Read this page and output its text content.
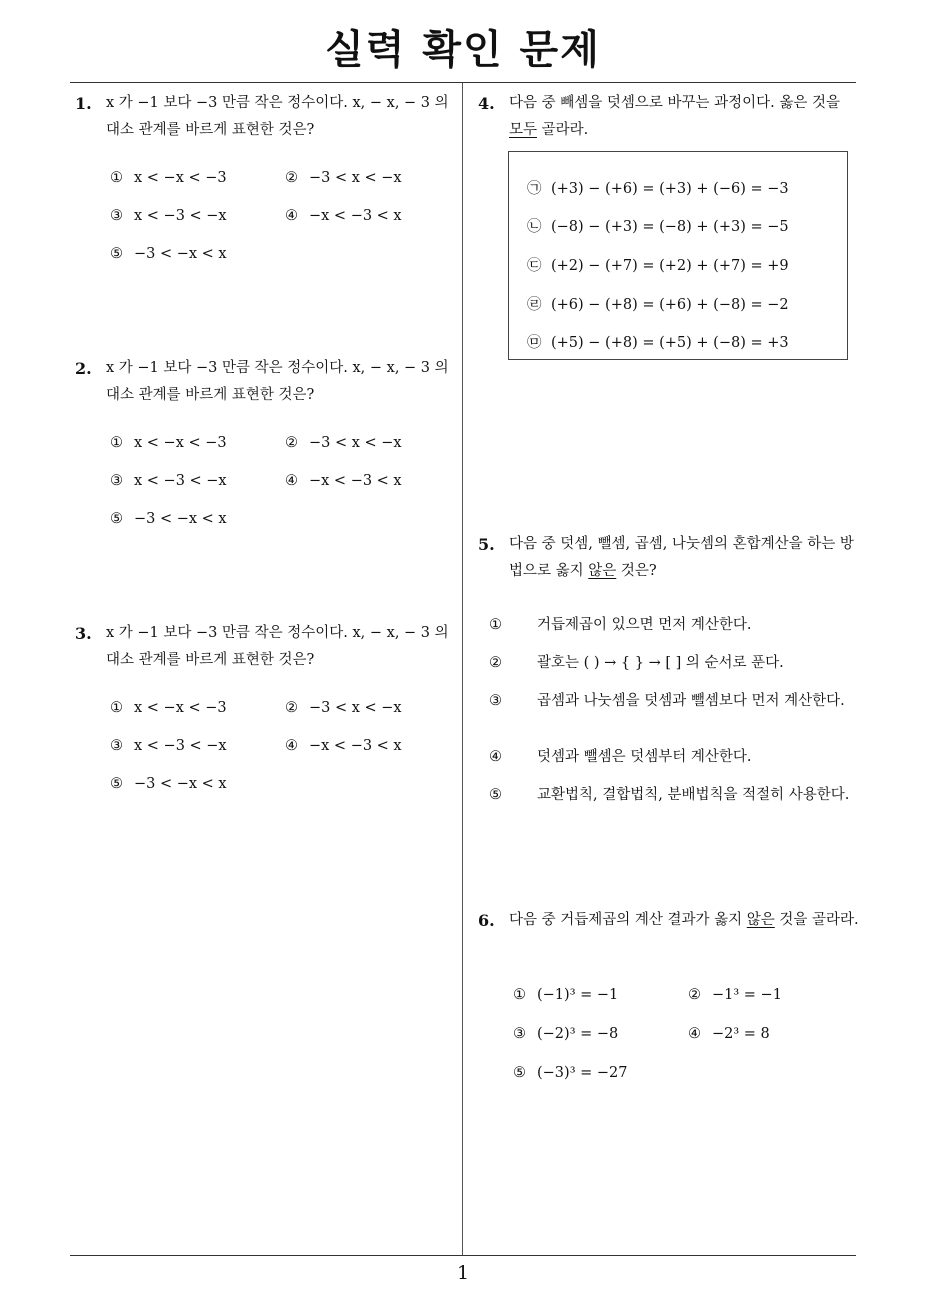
실력 확인 문제
1
1. x 가 −1 보다 −3 만큼 작은 정수이다. x, − x, − 3 의 대소 관계를 바르게 표현한 것은?
① x < −x < −3	② −3 < x < −x
③ x < −3 < −x	④ −x < −3 < x
⑤ −3 < −x < x
2. x 가 −1 보다 −3 만큼 작은 정수이다. x, − x, − 3 의 대소 관계를 바르게 표현한 것은?
① x < −x < −3	② −3 < x < −x
③ x < −3 < −x	④ −x < −3 < x
⑤ −3 < −x < x
3. x 가 −1 보다 −3 만큼 작은 정수이다. x, − x, − 3 의 대소 관계를 바르게 표현한 것은?
① x < −x < −3	② −3 < x < −x
③ x < −3 < −x	④ −x < −3 < x
⑤ −3 < −x < x
4. 다음 중 빼셈을 덧셈으로 바꾸는 과정이다. 옳은 것을
모두 골라라.
㉠ (+3) − (+6) = (+3) + (−6) = −3
㉡ (−8) − (+3) = (−8) + (+3) = −5
㉢ (+2) − (+7) = (+2) + (+7) = +9
㉣ (+6) − (+8) = (+6) + (−8) = −2
㉤ (+5) − (+8) = (+5) + (−8) = +3
5. 다음 중 덧셈, 뺄셈, 곱셈, 나눗셈의 혼합계산을 하는 방법으로 옳지 않은 것은?
① 거듭제곱이 있으면 먼저 계산한다.
② 괄호는 ( ) → { } → [ ] 의 순서로 푼다.
③ 곱셈과 나눗셈을 덧셈과 뺄셈보다 먼저 계산한다.
④ 덧셈과 뺄셈은 덧셈부터 계산한다.
⑤ 교환법칙, 결합법칙, 분배법칙을 적절히 사용한다.
6. 다음 중 거듭제곱의 계산 결과가 옳지 않은 것을 골라라.
① (−1)³ = −1	② −1³ = −1
③ (−2)³ = −8	④ −2³ = 8
⑤ (−3)³ = −27
